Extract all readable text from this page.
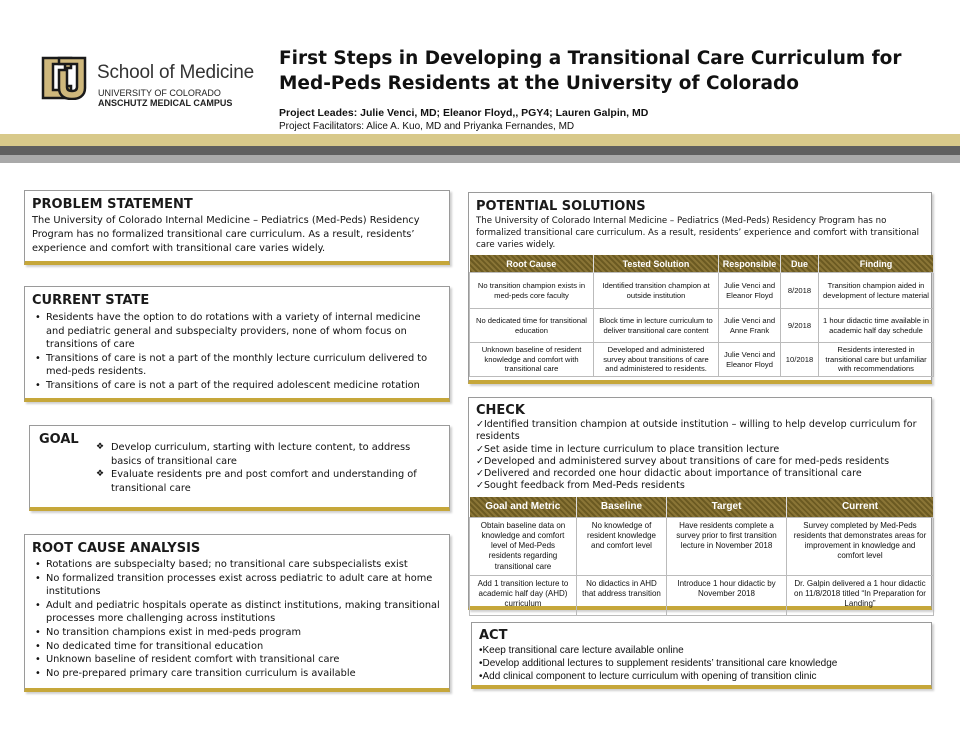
School of Medicine
UNIVERSITY OF COLORADO
ANSCHUTZ MEDICAL CAMPUS
First Steps in Developing a Transitional Care Curriculum for Med-Peds Residents at the University of Colorado
Project Leades: Julie Venci, MD; Eleanor Floyd,, PGY4; Lauren Galpin, MD
Project Facilitators: Alice A. Kuo, MD and Priyanka Fernandes, MD
PROBLEM STATEMENT
The University of Colorado Internal Medicine – Pediatrics (Med-Peds) Residency Program has no formalized transitional care curriculum. As a result, residents’ experience and comfort with transitional care varies widely.
CURRENT STATE
• Residents have the option to do rotations with a variety of internal medicine and pediatric general and subspecialty providers, none of whom focus on transitions of care
• Transitions of care is not a part of the monthly lecture curriculum delivered to med-peds residents.
• Transitions of care is not a part of the required adolescent medicine rotation
GOAL
❖ Develop curriculum, starting with lecture content, to address basics of transitional care
❖ Evaluate residents pre and post comfort and understanding of transitional care
ROOT CAUSE ANALYSIS
• Rotations are subspecialty based; no transitional care subspecialists exist
• No formalized transition processes exist across pediatric to adult care at home institutions
• Adult and pediatric hospitals operate as distinct institutions, making transitional processes more challenging across institutions
• No transition champions exist in med-peds program
• No dedicated time for transitional education
• Unknown baseline of resident comfort with transitional care
• No pre-prepared primary care transition curriculum is available
POTENTIAL SOLUTIONS
The University of Colorado Internal Medicine – Pediatrics (Med-Peds) Residency Program has no formalized transitional care curriculum. As a result, residents’ experience and comfort with transitional care varies widely.
Root Cause	Tested Solution	Responsible	Due	Finding
No transition champion exists in med-peds core faculty	Identified transition champion at outside institution	Julie Venci and Eleanor Floyd	8/2018	Transition champion aided in development of lecture material
No dedicated time for transitional education	Block time in lecture curriculum to deliver transitional care content	Julie Venci and Anne Frank	9/2018	1 hour didactic time available in academic half day schedule
Unknown baseline of resident knowledge and comfort with transitional care	Developed and administered survey about transitions of care and administered to residents.	Julie Venci and Eleanor Floyd	10/2018	Residents interested in transitional care but unfamiliar with recommendations
CHECK
✓Identified transition champion at outside institution – willing to help develop curriculum for residents
✓Set aside time in lecture curriculum to place transition lecture
✓Developed and administered survey about transitions of care for med-peds residents
✓Delivered and recorded one hour didactic about importance of transitional care
✓Sought feedback from Med-Peds residents
Goal and Metric	Baseline	Target	Current
Obtain baseline data on knowledge and comfort level of Med-Peds residents regarding transitional care	No knowledge of resident knowledge and comfort level	Have residents complete a survey prior to first transition lecture in November 2018	Survey completed by Med-Peds residents that demonstrates areas for improvement in knowledge and comfort level
Add 1 transition lecture to academic half day (AHD) curriculum	No didactics in AHD that address transition	Introduce 1 hour didactic by November 2018	Dr. Galpin delivered a 1 hour didactic on 11/8/2018 titled “In Preparation for Landing”
ACT
•Keep transitional care lecture available online
•Develop additional lectures to supplement residents’ transitional care knowledge
•Add clinical component to lecture curriculum with opening of transition clinic
